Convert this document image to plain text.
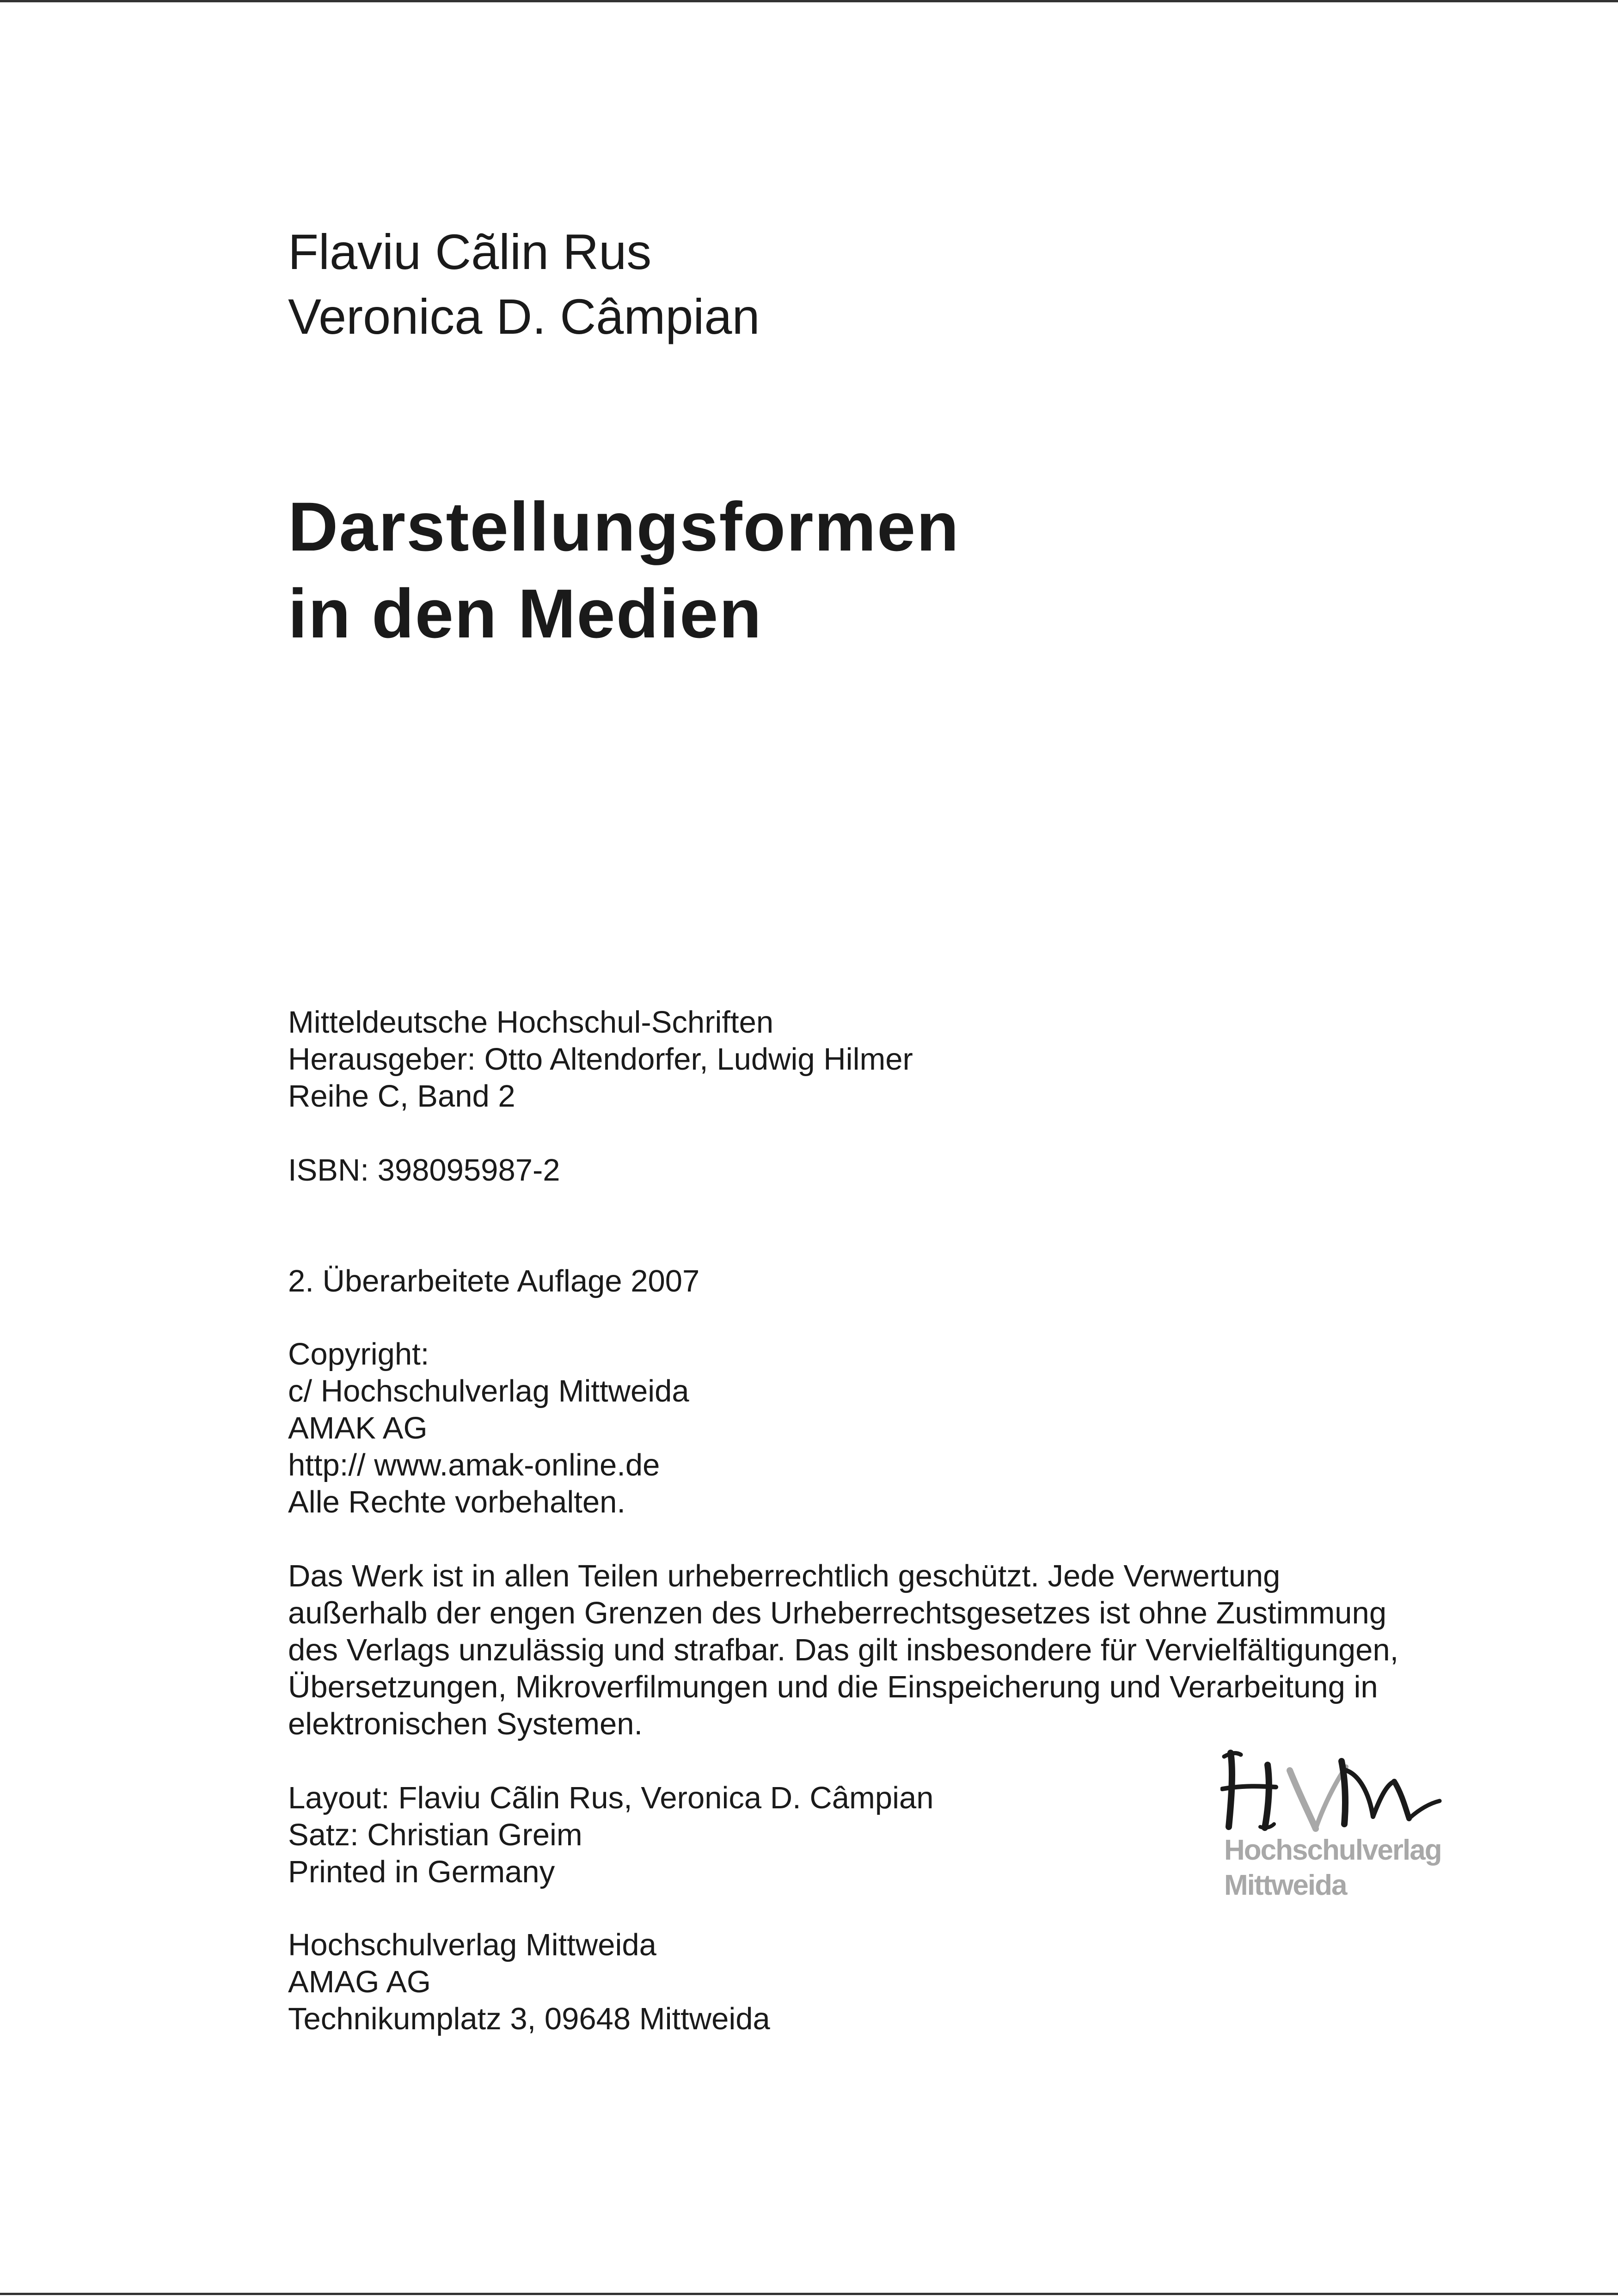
Flaviu Cãlin Rus
Veronica D. Câmpian
Darstellungsformen
in den Medien
Mitteldeutsche Hochschul-Schriften
Herausgeber: Otto Altendorfer, Ludwig Hilmer
Reihe C, Band 2
ISBN: 398095987-2
2. Überarbeitete Auflage 2007
Copyright:
c/ Hochschulverlag Mittweida
AMAK AG
http:// www.amak-online.de
Alle Rechte vorbehalten.
Das Werk ist in allen Teilen urheberrechtlich geschützt. Jede Verwertung
außerhalb der engen Grenzen des Urheberrechtsgesetzes ist ohne Zustimmung
des Verlags unzulässig und strafbar. Das gilt insbesondere für Vervielfältigungen,
Übersetzungen, Mikroverfilmungen und die Einspeicherung und Verarbeitung in
elektronischen Systemen.
Layout: Flaviu Cãlin Rus, Veronica D. Câmpian
Satz: Christian Greim
Printed in Germany
Hochschulverlag Mittweida
AMAG AG
Technikumplatz 3, 09648 Mittweida
Hochschulverlag
Mittweida
